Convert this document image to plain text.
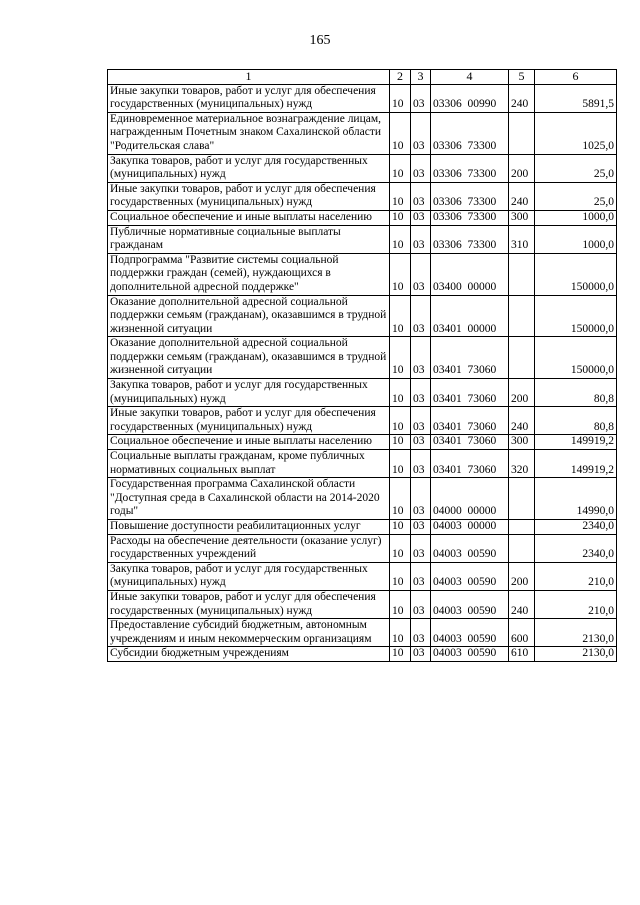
165
1	2	3	4	5	6
Иные закупки товаров, работ и услуг для обеспечения государственных (муниципальных) нужд	10	03	03306  00990	240	5891,5
Единовременное материальное вознаграждение лицам, награжденным Почетным знаком Сахалинской области "Родительская слава"	10	03	03306  73300		1025,0
Закупка товаров, работ и услуг для государственных (муниципальных) нужд	10	03	03306  73300	200	25,0
Иные закупки товаров, работ и услуг для обеспечения государственных (муниципальных) нужд	10	03	03306  73300	240	25,0
Социальное обеспечение и иные выплаты населению	10	03	03306  73300	300	1000,0
Публичные нормативные социальные выплаты гражданам	10	03	03306  73300	310	1000,0
Подпрограмма "Развитие системы социальной поддержки граждан (семей), нуждающихся в дополнительной адресной поддержке"	10	03	03400  00000		150000,0
Оказание дополнительной адресной социальной поддержки семьям (гражданам), оказавшимся в трудной жизненной ситуации	10	03	03401  00000		150000,0
Оказание дополнительной адресной социальной поддержки семьям (гражданам), оказавшимся в трудной жизненной ситуации	10	03	03401  73060		150000,0
Закупка товаров, работ и услуг для государственных (муниципальных) нужд	10	03	03401  73060	200	80,8
Иные закупки товаров, работ и услуг для обеспечения государственных (муниципальных) нужд	10	03	03401  73060	240	80,8
Социальное обеспечение и иные выплаты населению	10	03	03401  73060	300	149919,2
Социальные выплаты гражданам, кроме публичных нормативных социальных выплат	10	03	03401  73060	320	149919,2
Государственная программа Сахалинской области "Доступная среда в Сахалинской области на 2014-2020 годы"	10	03	04000  00000		14990,0
Повышение доступности реабилитационных услуг	10	03	04003  00000		2340,0
Расходы на обеспечение деятельности (оказание услуг) государственных учреждений	10	03	04003  00590		2340,0
Закупка товаров, работ и услуг для государственных (муниципальных) нужд	10	03	04003  00590	200	210,0
Иные закупки товаров, работ и услуг для обеспечения государственных (муниципальных) нужд	10	03	04003  00590	240	210,0
Предоставление субсидий бюджетным, автономным учреждениям и иным некоммерческим организациям	10	03	04003  00590	600	2130,0
Субсидии бюджетным учреждениям	10	03	04003  00590	610	2130,0
